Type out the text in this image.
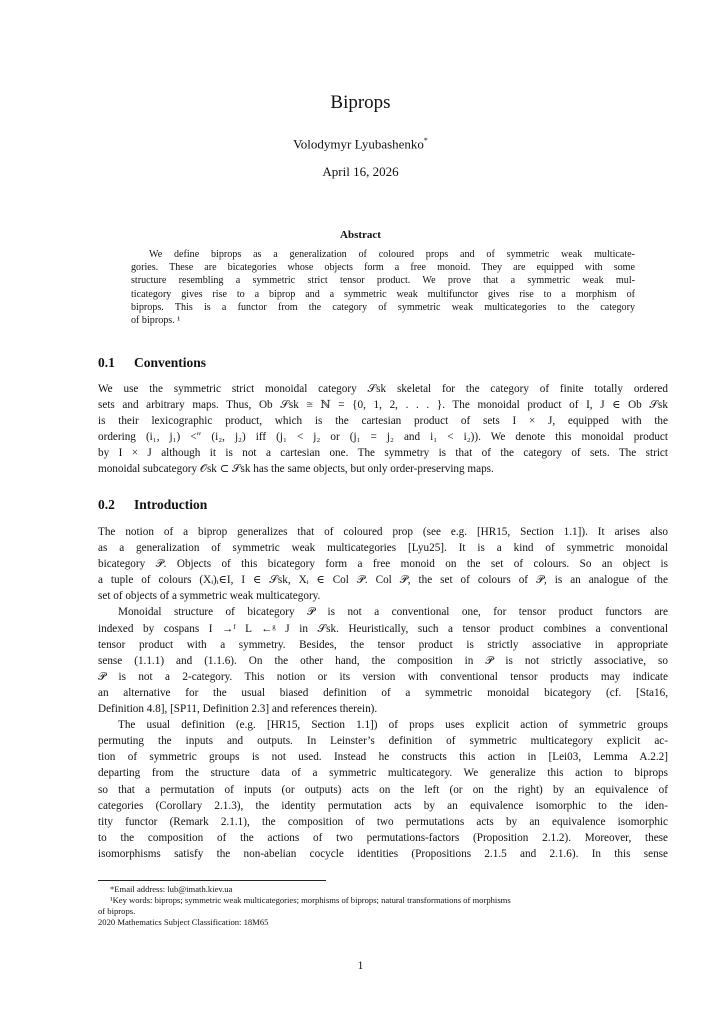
Biprops
Volodymyr Lyubashenko*
April 16, 2026
Abstract
We define biprops as a generalization of coloured props and of symmetric weak multicate-
gories. These are bicategories whose objects form a free monoid. They are equipped with some
structure resembling a symmetric strict tensor product. We prove that a symmetric weak mul-
ticategory gives rise to a biprop and a symmetric weak multifunctor gives rise to a morphism of
biprops. This is a functor from the category of symmetric weak multicategories to the category
of biprops. ¹
0.1 Conventions
We use the symmetric strict monoidal category 𝒮sk skeletal for the category of finite totally ordered
sets and arbitrary maps. Thus, Ob 𝒮sk ≅ ℕ = {0, 1, 2, . . . }. The monoidal product of I, J ∈ Ob 𝒮sk
is their lexicographic product, which is the cartesian product of sets I × J, equipped with the
ordering (i₁, j₁) <″ (i₂, j₂) iff (j₁ < j₂ or (j₁ = j₂ and i₁ < i₂)). We denote this monoidal product
by I × J although it is not a cartesian one. The symmetry is that of the category of sets. The strict
monoidal subcategory 𝒪sk ⊂ 𝒮sk has the same objects, but only order-preserving maps.
0.2 Introduction
The notion of a biprop generalizes that of coloured prop (see e.g. [HR15, Section 1.1]). It arises also
as a generalization of symmetric weak multicategories [Lyu25]. It is a kind of symmetric monoidal
bicategory 𝒫. Objects of this bicategory form a free monoid on the set of colours. So an object is
a tuple of colours (Xᵢ)ᵢ∈I, I ∈ 𝒮sk, Xᵢ ∈ Col 𝒫. Col 𝒫, the set of colours of 𝒫, is an analogue of the
set of objects of a symmetric weak multicategory.
Monoidal structure of bicategory 𝒫 is not a conventional one, for tensor product functors are
indexed by cospans I →ᶠ L ←ᵍ J in 𝒮sk. Heuristically, such a tensor product combines a conventional
tensor product with a symmetry. Besides, the tensor product is strictly associative in appropriate
sense (1.1.1) and (1.1.6). On the other hand, the composition in 𝒫 is not strictly associative, so
𝒫 is not a 2-category. This notion or its version with conventional tensor products may indicate
an alternative for the usual biased definition of a symmetric monoidal bicategory (cf. [Sta16,
Definition 4.8], [SP11, Definition 2.3] and references therein).
The usual definition (e.g. [HR15, Section 1.1]) of props uses explicit action of symmetric groups
permuting the inputs and outputs. In Leinster’s definition of symmetric multicategory explicit ac-
tion of symmetric groups is not used. Instead he constructs this action in [Lei03, Lemma A.2.2]
departing from the structure data of a symmetric multicategory. We generalize this action to biprops
so that a permutation of inputs (or outputs) acts on the left (or on the right) by an equivalence of
categories (Corollary 2.1.3), the identity permutation acts by an equivalence isomorphic to the iden-
tity functor (Remark 2.1.1), the composition of two permutations acts by an equivalence isomorphic
to the composition of the actions of two permutations-factors (Proposition 2.1.2). Moreover, these
isomorphisms satisfy the non-abelian cocycle identities (Propositions 2.1.5 and 2.1.6). In this sense
*Email address: lub@imath.kiev.ua
¹Key words: biprops; symmetric weak multicategories; morphisms of biprops; natural transformations of morphisms
of biprops.
2020 Mathematics Subject Classification: 18M65
1
